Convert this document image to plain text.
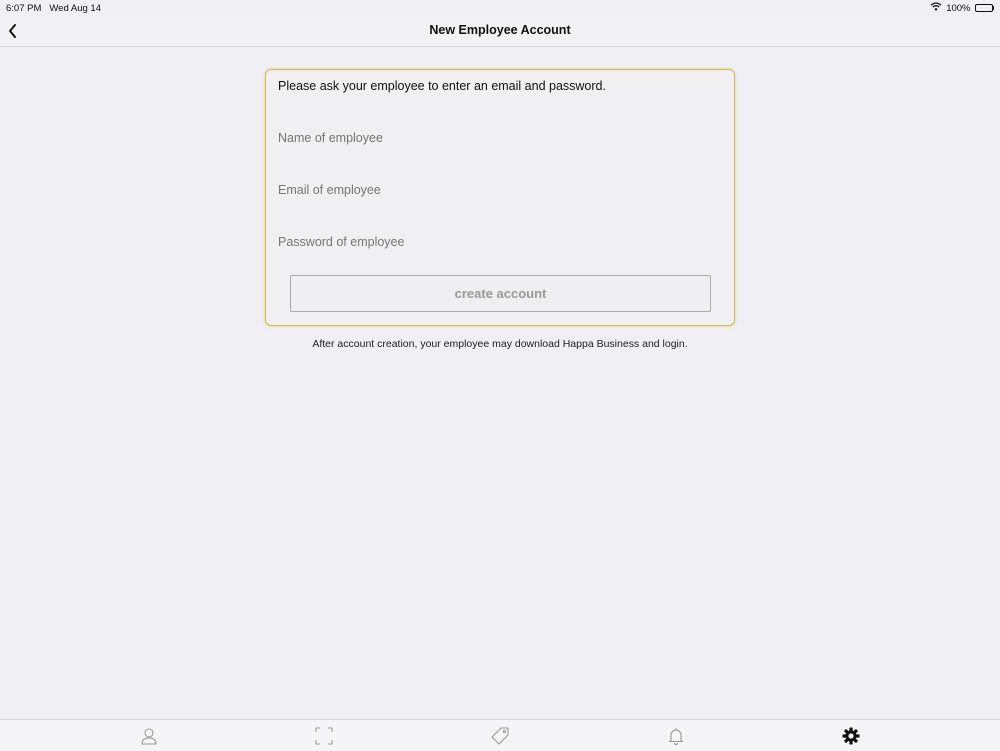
6:07 PM Wed Aug 14	100%
New Employee Account
Please ask your employee to enter an email and password.
Name of employee
Email of employee
create account
After account creation, your employee may download Happa Business and login.
